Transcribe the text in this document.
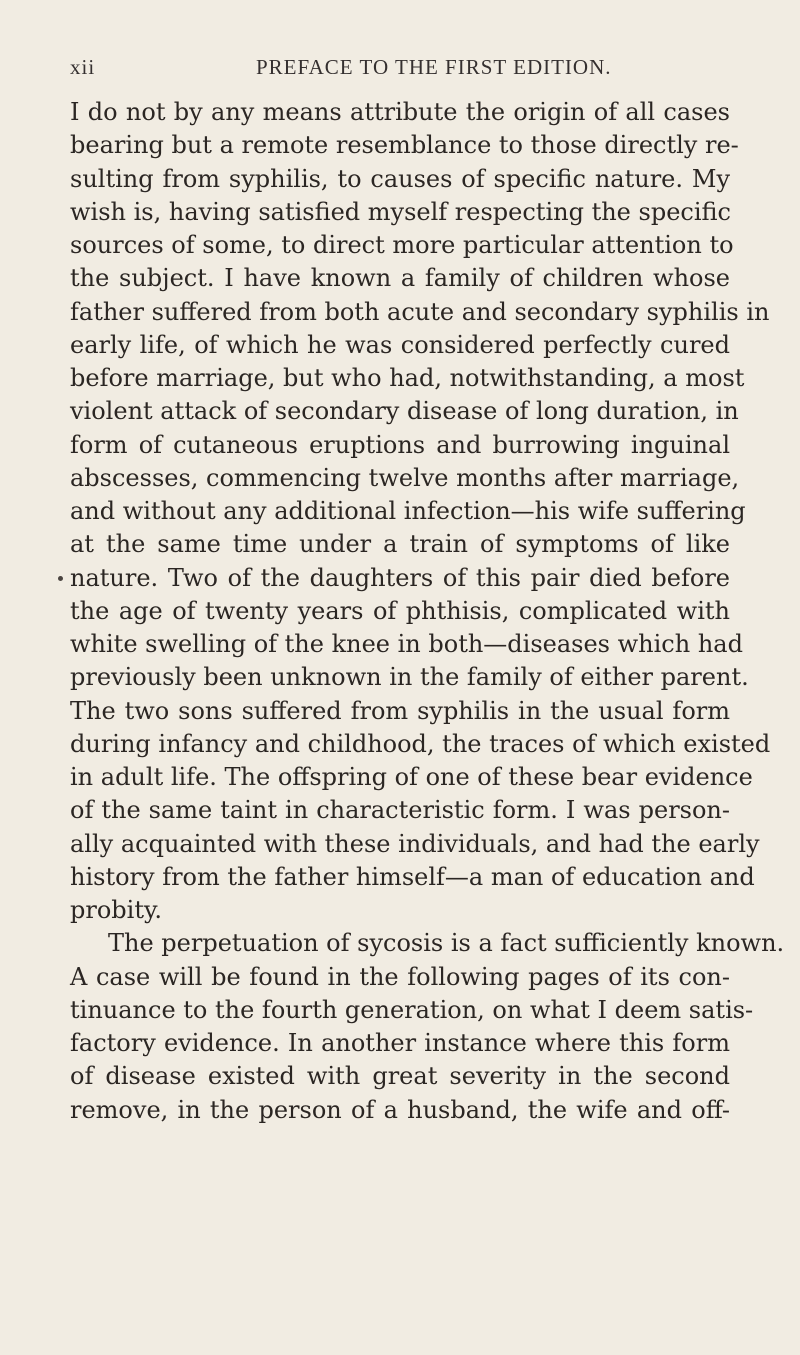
xii	PREFACE TO THE FIRST EDITION.
I do not by any means attribute the origin of all cases
bearing but a remote resemblance to those directly re-
sulting from syphilis, to causes of specific nature. My
wish is, having satisfied myself respecting the specific
sources of some, to direct more particular attention to
the subject. I have known a family of children whose
father suffered from both acute and secondary syphilis in
early life, of which he was considered perfectly cured
before marriage, but who had, notwithstanding, a most
violent attack of secondary disease of long duration, in
form of cutaneous eruptions and burrowing inguinal
abscesses, commencing twelve months after marriage,
and without any additional infection—his wife suffering
at the same time under a train of symptoms of like
nature. Two of the daughters of this pair died before
the age of twenty years of phthisis, complicated with
white swelling of the knee in both—diseases which had
previously been unknown in the family of either parent.
The two sons suffered from syphilis in the usual form
during infancy and childhood, the traces of which existed
in adult life. The offspring of one of these bear evidence
of the same taint in characteristic form. I was person-
ally acquainted with these individuals, and had the early
history from the father himself—a man of education and
probity.
The perpetuation of sycosis is a fact sufficiently known.
A case will be found in the following pages of its con-
tinuance to the fourth generation, on what I deem satis-
factory evidence. In another instance where this form
of disease existed with great severity in the second
remove, in the person of a husband, the wife and off-
